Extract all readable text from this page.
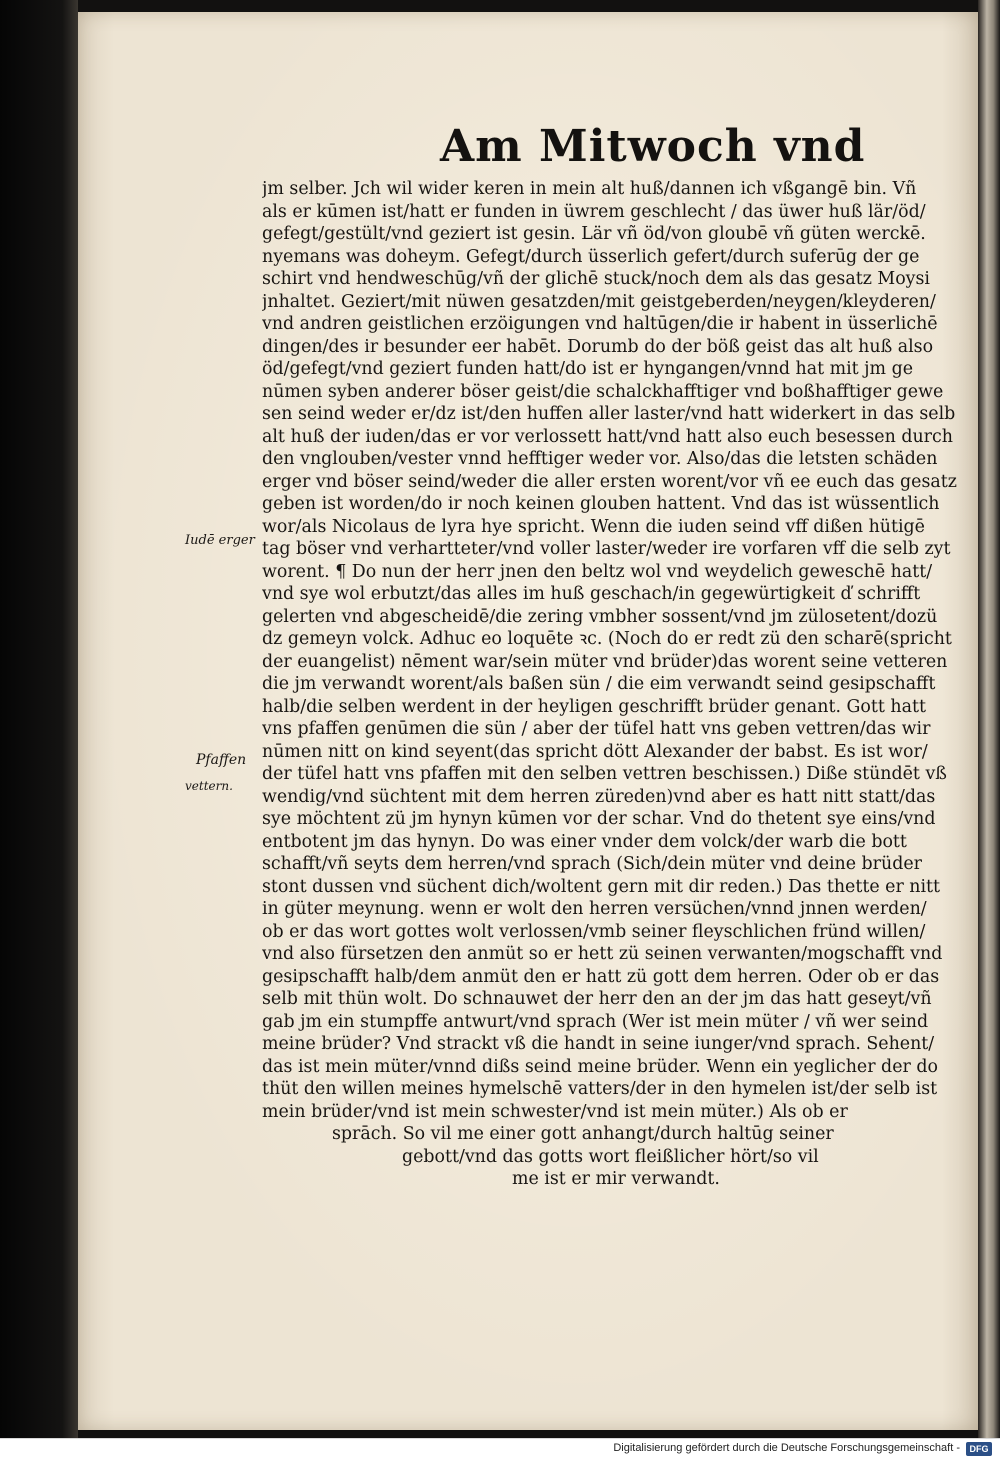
Am Mitwoch vnd
jm selber. Jch wil wider keren in mein alt huß/dannen ich vßgangē bin. Vñ
als er kūmen ist/hatt er funden in üwrem geschlecht / das üwer huß lär/öd/
gefegt/gestült/vnd geziert ist gesin. Lär vñ öd/von gloubē vñ güten werckē.
nyemans was doheym. Gefegt/durch üsserlich gefert/durch suferūg der ge
schirt vnd hendweschūg/vñ der glichē stuck/noch dem als das gesatz Moysi
jnhaltet. Geziert/mit nüwen gesatzden/mit geistgeberden/neygen/kleyderen/
vnd andren geistlichen erzöigungen vnd haltūgen/die ir habent in üsserlichē
dingen/des ir besunder eer habēt. Dorumb do der böß geist das alt huß also
öd/gefegt/vnd geziert funden hatt/do ist er hyngangen/vnnd hat mit jm ge
nūmen syben anderer böser geist/die schalckhafftiger vnd boßhafftiger gewe
sen seind weder er/dz ist/den huffen aller laster/vnd hatt widerkert in das selb
alt huß der iuden/das er vor verlossett hatt/vnd hatt also euch besessen durch
den vnglouben/vester vnnd hefftiger weder vor. Also/das die letsten schäden
erger vnd böser seind/weder die aller ersten worent/vor vñ ee euch das gesatz
geben ist worden/do ir noch keinen glouben hattent. Vnd das ist wüssentlich
wor/als Nicolaus de lyra hye spricht. Wenn die iuden seind vff dißen hütigē
tag böser vnd verhartteter/vnd voller laster/weder ire vorfaren vff die selb zyt
worent. ¶ Do nun der herr jnen den beltz wol vnd weydelich geweschē hatt/
vnd sye wol erbutzt/das alles im huß geschach/in gegewürtigkeit ď schrifft
gelerten vnd abgescheidē/die zering vmbher sossent/vnd jm zülosetent/dozü
dz gemeyn volck. Adhuc eo loquēte ꝛc. (Noch do er redt zü den scharē(spricht
der euangelist) nēment war/sein müter vnd brüder)das worent seine vetteren
die jm verwandt worent/als baßen sün / die eim verwandt seind gesipschafft
halb/die selben werdent in der heyligen geschrifft brüder genant. Gott hatt
vns pfaffen genūmen die sün / aber der tüfel hatt vns geben vettren/das wir
nūmen nitt on kind seyent(das spricht dött Alexander der babst. Es ist wor/
der tüfel hatt vns pfaffen mit den selben vettren beschissen.) Diße stündēt vß
wendig/vnd süchtent mit dem herren züreden)vnd aber es hatt nitt statt/das
sye möchtent zü jm hynyn kūmen vor der schar. Vnd do thetent sye eins/vnd
entbotent jm das hynyn. Do was einer vnder dem volck/der warb die bott
schafft/vñ seyts dem herren/vnd sprach (Sich/dein müter vnd deine brüder
stont dussen vnd süchent dich/woltent gern mit dir reden.) Das thette er nitt
in güter meynung. wenn er wolt den herren versüchen/vnnd jnnen werden/
ob er das wort gottes wolt verlossen/vmb seiner fleyschlichen fründ willen/
vnd also fürsetzen den anmüt so er hett zü seinen verwanten/mogschafft vnd
gesipschafft halb/dem anmüt den er hatt zü gott dem herren. Oder ob er das
selb mit thün wolt. Do schnauwet der herr den an der jm das hatt geseyt/vñ
gab jm ein stumpffe antwurt/vnd sprach (Wer ist mein müter / vñ wer seind
meine brüder? Vnd strackt vß die handt in seine iunger/vnd sprach. Sehent/
das ist mein müter/vnnd dißs seind meine brüder. Wenn ein yeglicher der do
thüt den willen meines hymelschē vatters/der in den hymelen ist/der selb ist
mein brüder/vnd ist mein schwester/vnd ist mein müter.) Als ob er
sprāch. So vil me einer gott anhangt/durch haltūg seiner
gebott/vnd das gotts wort fleißlicher hört/so vil
me ist er mir verwandt.
Iudē erger
Pfaffen
vettern.
Digitalisierung gefördert durch die Deutsche Forschungsgemeinschaft -	DFG
